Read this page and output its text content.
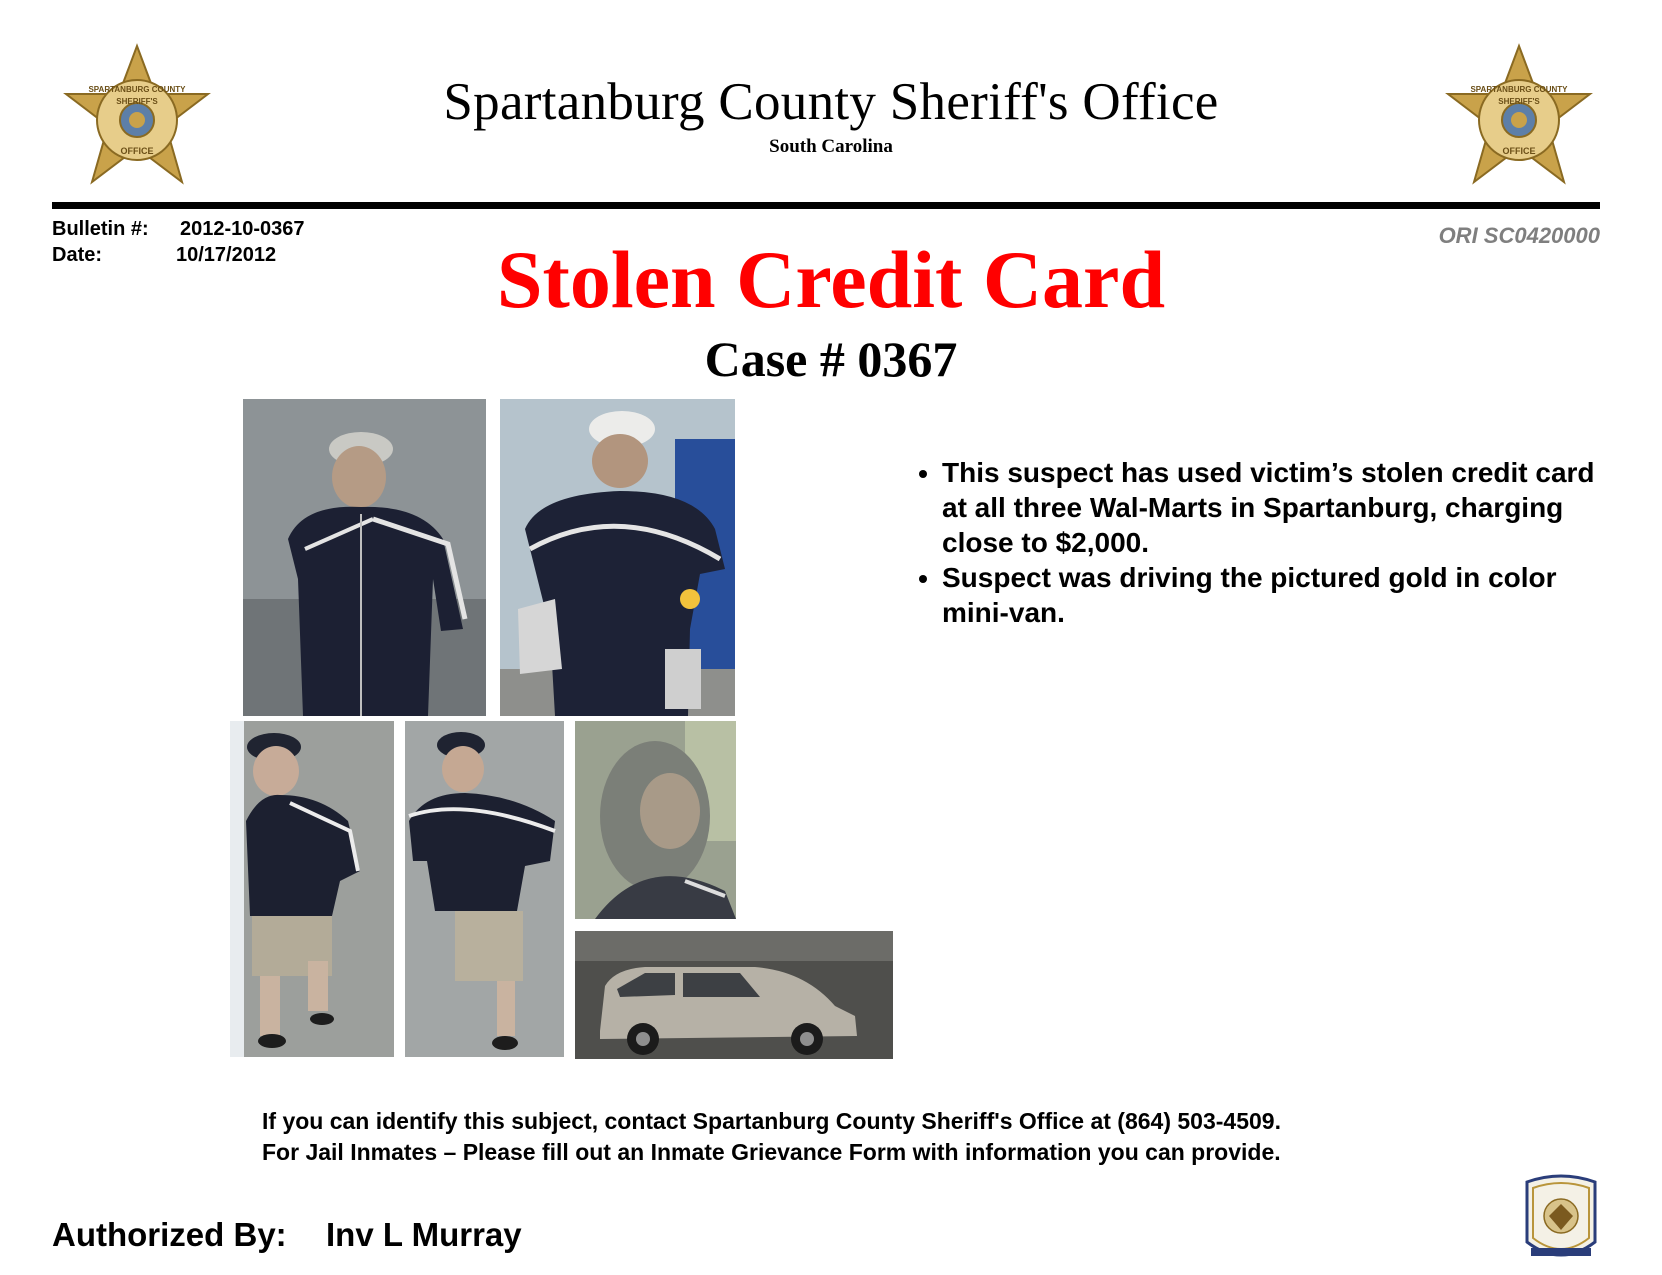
SPARTANBURG COUNTY
SHERIFF'S
OFFICE
SPARTANBURG COUNTY
SHERIFF'S
OFFICE
Spartanburg County Sheriff's Office
South Carolina
Bulletin #: 2012-10-0367
Date:	10/17/2012
ORI SC0420000
Stolen Credit Card
Case # 0367
• This suspect has used victim’s stolen credit card at all three Wal-Marts in Spartanburg, charging close to $2,000.
• Suspect was driving the pictured gold in color mini-van.
If you can identify this subject, contact Spartanburg County Sheriff's Office at (864) 503-4509.
For Jail Inmates – Please fill out an Inmate Grievance Form with information you can provide.
Authorized By: Inv L Murray
